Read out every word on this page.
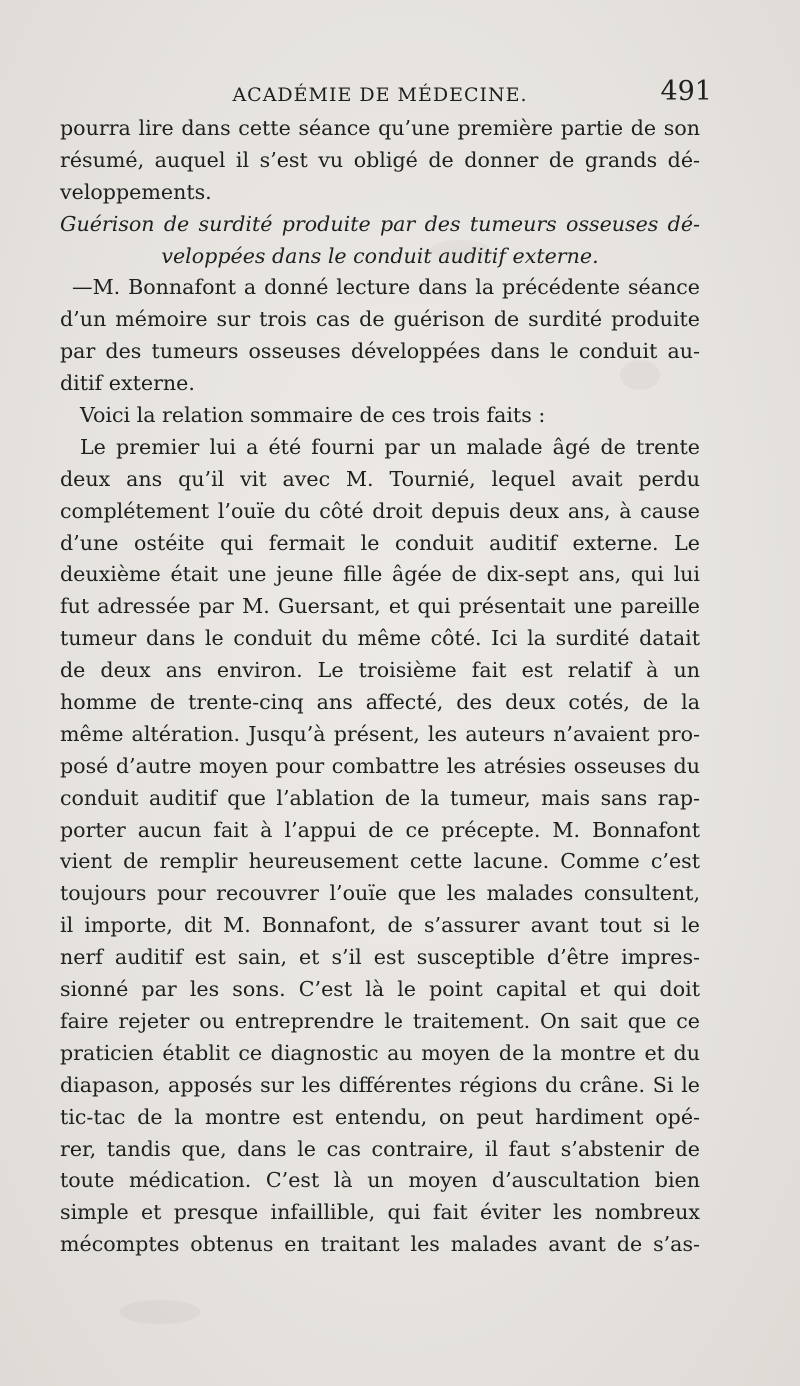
ACADÉMIE DE MÉDECINE.	491
pourra lire dans cette séance qu’une première partie de son
résumé, auquel il s’est vu obligé de donner de grands dé-
veloppements.
Guérison de surdité produite par des tumeurs osseuses dé-
veloppées dans le conduit auditif externe.
—M. Bonnafont a donné lecture dans la précédente séance
d’un mémoire sur trois cas de guérison de surdité produite
par des tumeurs osseuses développées dans le conduit au-
ditif externe.
Voici la relation sommaire de ces trois faits :
Le premier lui a été fourni par un malade âgé de trente
deux ans qu’il vit avec M. Tournié, lequel avait perdu
complétement l’ouïe du côté droit depuis deux ans, à cause
d’une ostéite qui fermait le conduit auditif externe. Le
deuxième était une jeune fille âgée de dix-sept ans, qui lui
fut adressée par M. Guersant, et qui présentait une pareille
tumeur dans le conduit du même côté. Ici la surdité datait
de deux ans environ. Le troisième fait est relatif à un
homme de trente-cinq ans affecté, des deux cotés, de la
même altération. Jusqu’à présent, les auteurs n’avaient pro-
posé d’autre moyen pour combattre les atrésies osseuses du
conduit auditif que l’ablation de la tumeur, mais sans rap-
porter aucun fait à l’appui de ce précepte. M. Bonnafont
vient de remplir heureusement cette lacune. Comme c’est
toujours pour recouvrer l’ouïe que les malades consultent,
il importe, dit M. Bonnafont, de s’assurer avant tout si le
nerf auditif est sain, et s’il est susceptible d’être impres-
sionné par les sons. C’est là le point capital et qui doit
faire rejeter ou entreprendre le traitement. On sait que ce
praticien établit ce diagnostic au moyen de la montre et du
diapason, apposés sur les différentes régions du crâne. Si le
tic-tac de la montre est entendu, on peut hardiment opé-
rer, tandis que, dans le cas contraire, il faut s’abstenir de
toute médication. C’est là un moyen d’auscultation bien
simple et presque infaillible, qui fait éviter les nombreux
mécomptes obtenus en traitant les malades avant de s’as-
